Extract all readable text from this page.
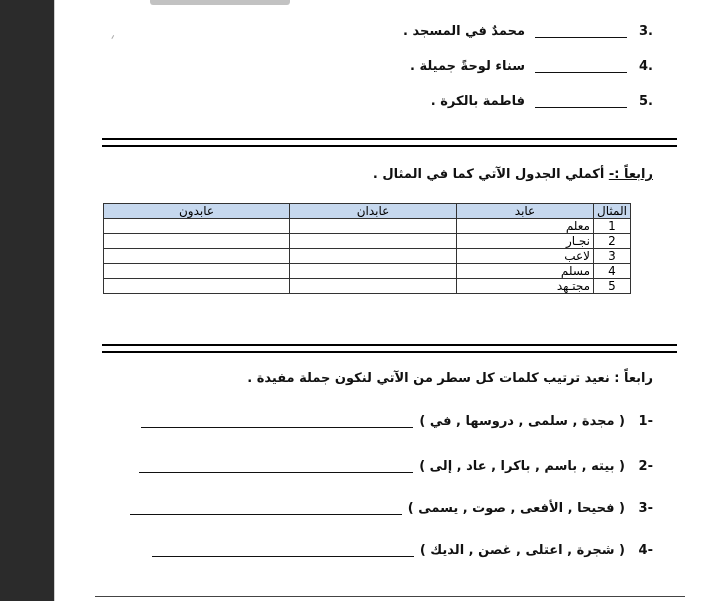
.3
محمدٌ في المسجد .
.4
سناء لوحةً جميلة .
.5
فاطمة بالكرة .
رابعاً :- أكملي الجدول الآتي كما في المثال .
المثال	عابد	عابدان	عابدون
1	معلم		
2	نجـار		
3	لاعب		
4	مسلم		
5	مجتـهد		
رابعاً : نعيد ترتيب كلمات كل سطر من الآتي لنكون جملة مفيدة .
-1
( مجدة , سلمى , دروسها , في )
-2
( بيته , باسم , باكرا , عاد , إلى )
-3
( فحيحا , الأفعى , صوت , يسمى )
-4
( شجرة , اعتلى , غصن , الديك )
